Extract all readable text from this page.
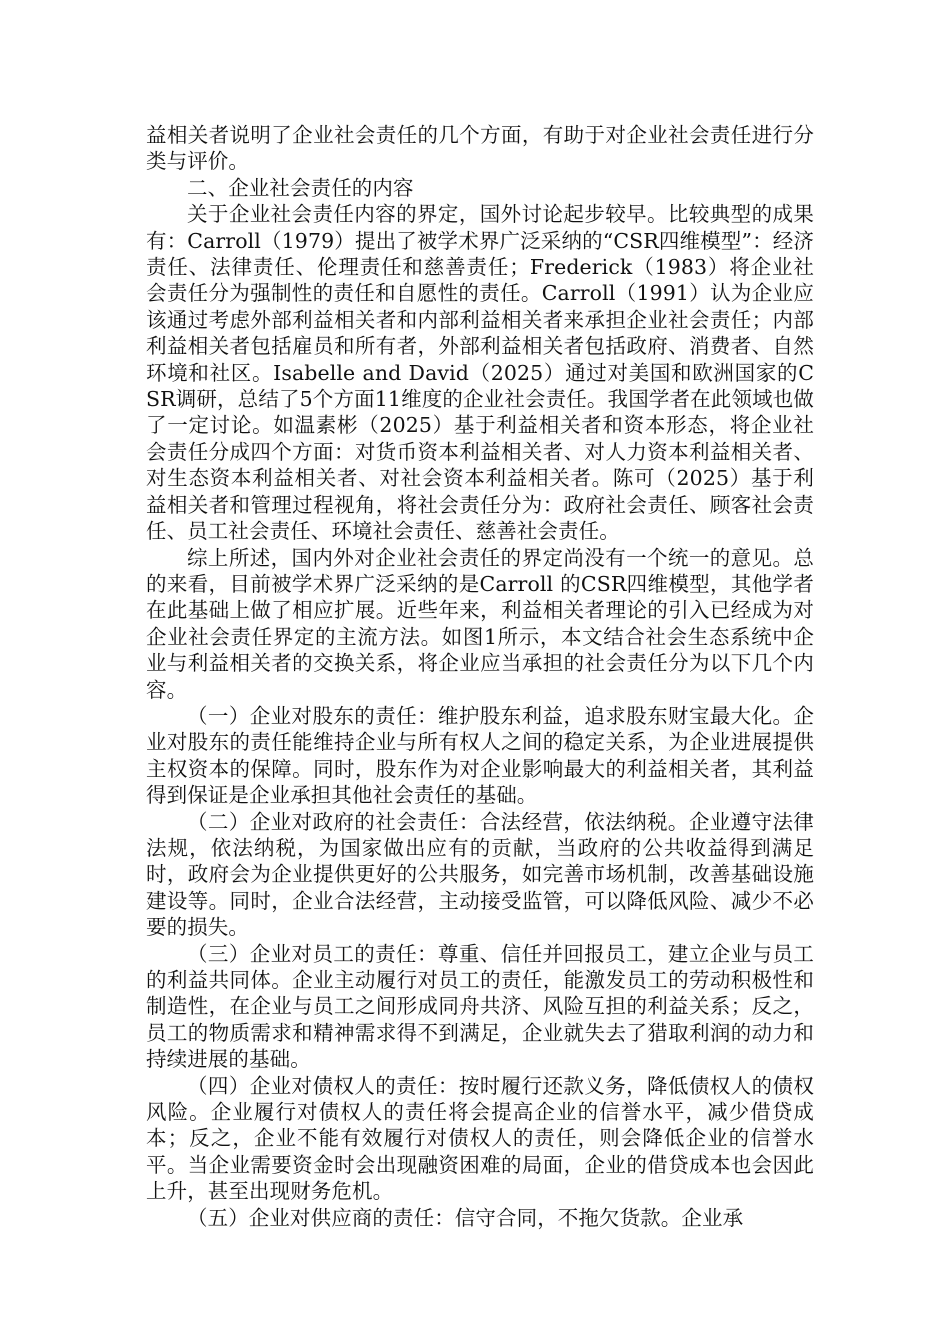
益相关者说明了企业社会责任的几个方面，有助于对企业社会责任进行分类与评价。

二、企业社会责任的内容

关于企业社会责任内容的界定，国外讨论起步较早。比较典型的成果有：Carroll（1979）提出了被学术界广泛采纳的“CSR四维模型”：经济责任、法律责任、伦理责任和慈善责任；Frederick（1983）将企业社会责任分为强制性的责任和自愿性的责任。Carroll（1991）认为企业应该通过考虑外部利益相关者和内部利益相关者来承担企业社会责任；内部利益相关者包括雇员和所有者，外部利益相关者包括政府、消费者、自然环境和社区。Isabelle and David（2025）通过对美国和欧洲国家的CSR调研，总结了5个方面11维度的企业社会责任。我国学者在此领域也做了一定讨论。如温素彬（2025）基于利益相关者和资本形态，将企业社会责任分成四个方面：对货币资本利益相关者、对人力资本利益相关者、对生态资本利益相关者、对社会资本利益相关者。陈可（2025）基于利益相关者和管理过程视角，将社会责任分为：政府社会责任、顾客社会责任、员工社会责任、环境社会责任、慈善社会责任。

综上所述，国内外对企业社会责任的界定尚没有一个统一的意见。总的来看，目前被学术界广泛采纳的是Carroll 的CSR四维模型，其他学者在此基础上做了相应扩展。近些年来，利益相关者理论的引入已经成为对企业社会责任界定的主流方法。如图1所示，本文结合社会生态系统中企业与利益相关者的交换关系，将企业应当承担的社会责任分为以下几个内容。

（一）企业对股东的责任：维护股东利益，追求股东财宝最大化。企业对股东的责任能维持企业与所有权人之间的稳定关系，为企业进展提供主权资本的保障。同时，股东作为对企业影响最大的利益相关者，其利益得到保证是企业承担其他社会责任的基础。

（二）企业对政府的社会责任：合法经营，依法纳税。企业遵守法律法规，依法纳税，为国家做出应有的贡献，当政府的公共收益得到满足时，政府会为企业提供更好的公共服务，如完善市场机制，改善基础设施建设等。同时，企业合法经营，主动接受监管，可以降低风险、减少不必要的损失。

（三）企业对员工的责任：尊重、信任并回报员工，建立企业与员工的利益共同体。企业主动履行对员工的责任，能激发员工的劳动积极性和制造性，在企业与员工之间形成同舟共济、风险互担的利益关系；反之，员工的物质需求和精神需求得不到满足，企业就失去了猎取利润的动力和持续进展的基础。

（四）企业对债权人的责任：按时履行还款义务，降低债权人的债权风险。企业履行对债权人的责任将会提高企业的信誉水平，减少借贷成本；反之，企业不能有效履行对债权人的责任，则会降低企业的信誉水平。当企业需要资金时会出现融资困难的局面，企业的借贷成本也会因此上升，甚至出现财务危机。

（五）企业对供应商的责任：信守合同，不拖欠货款。企业承
